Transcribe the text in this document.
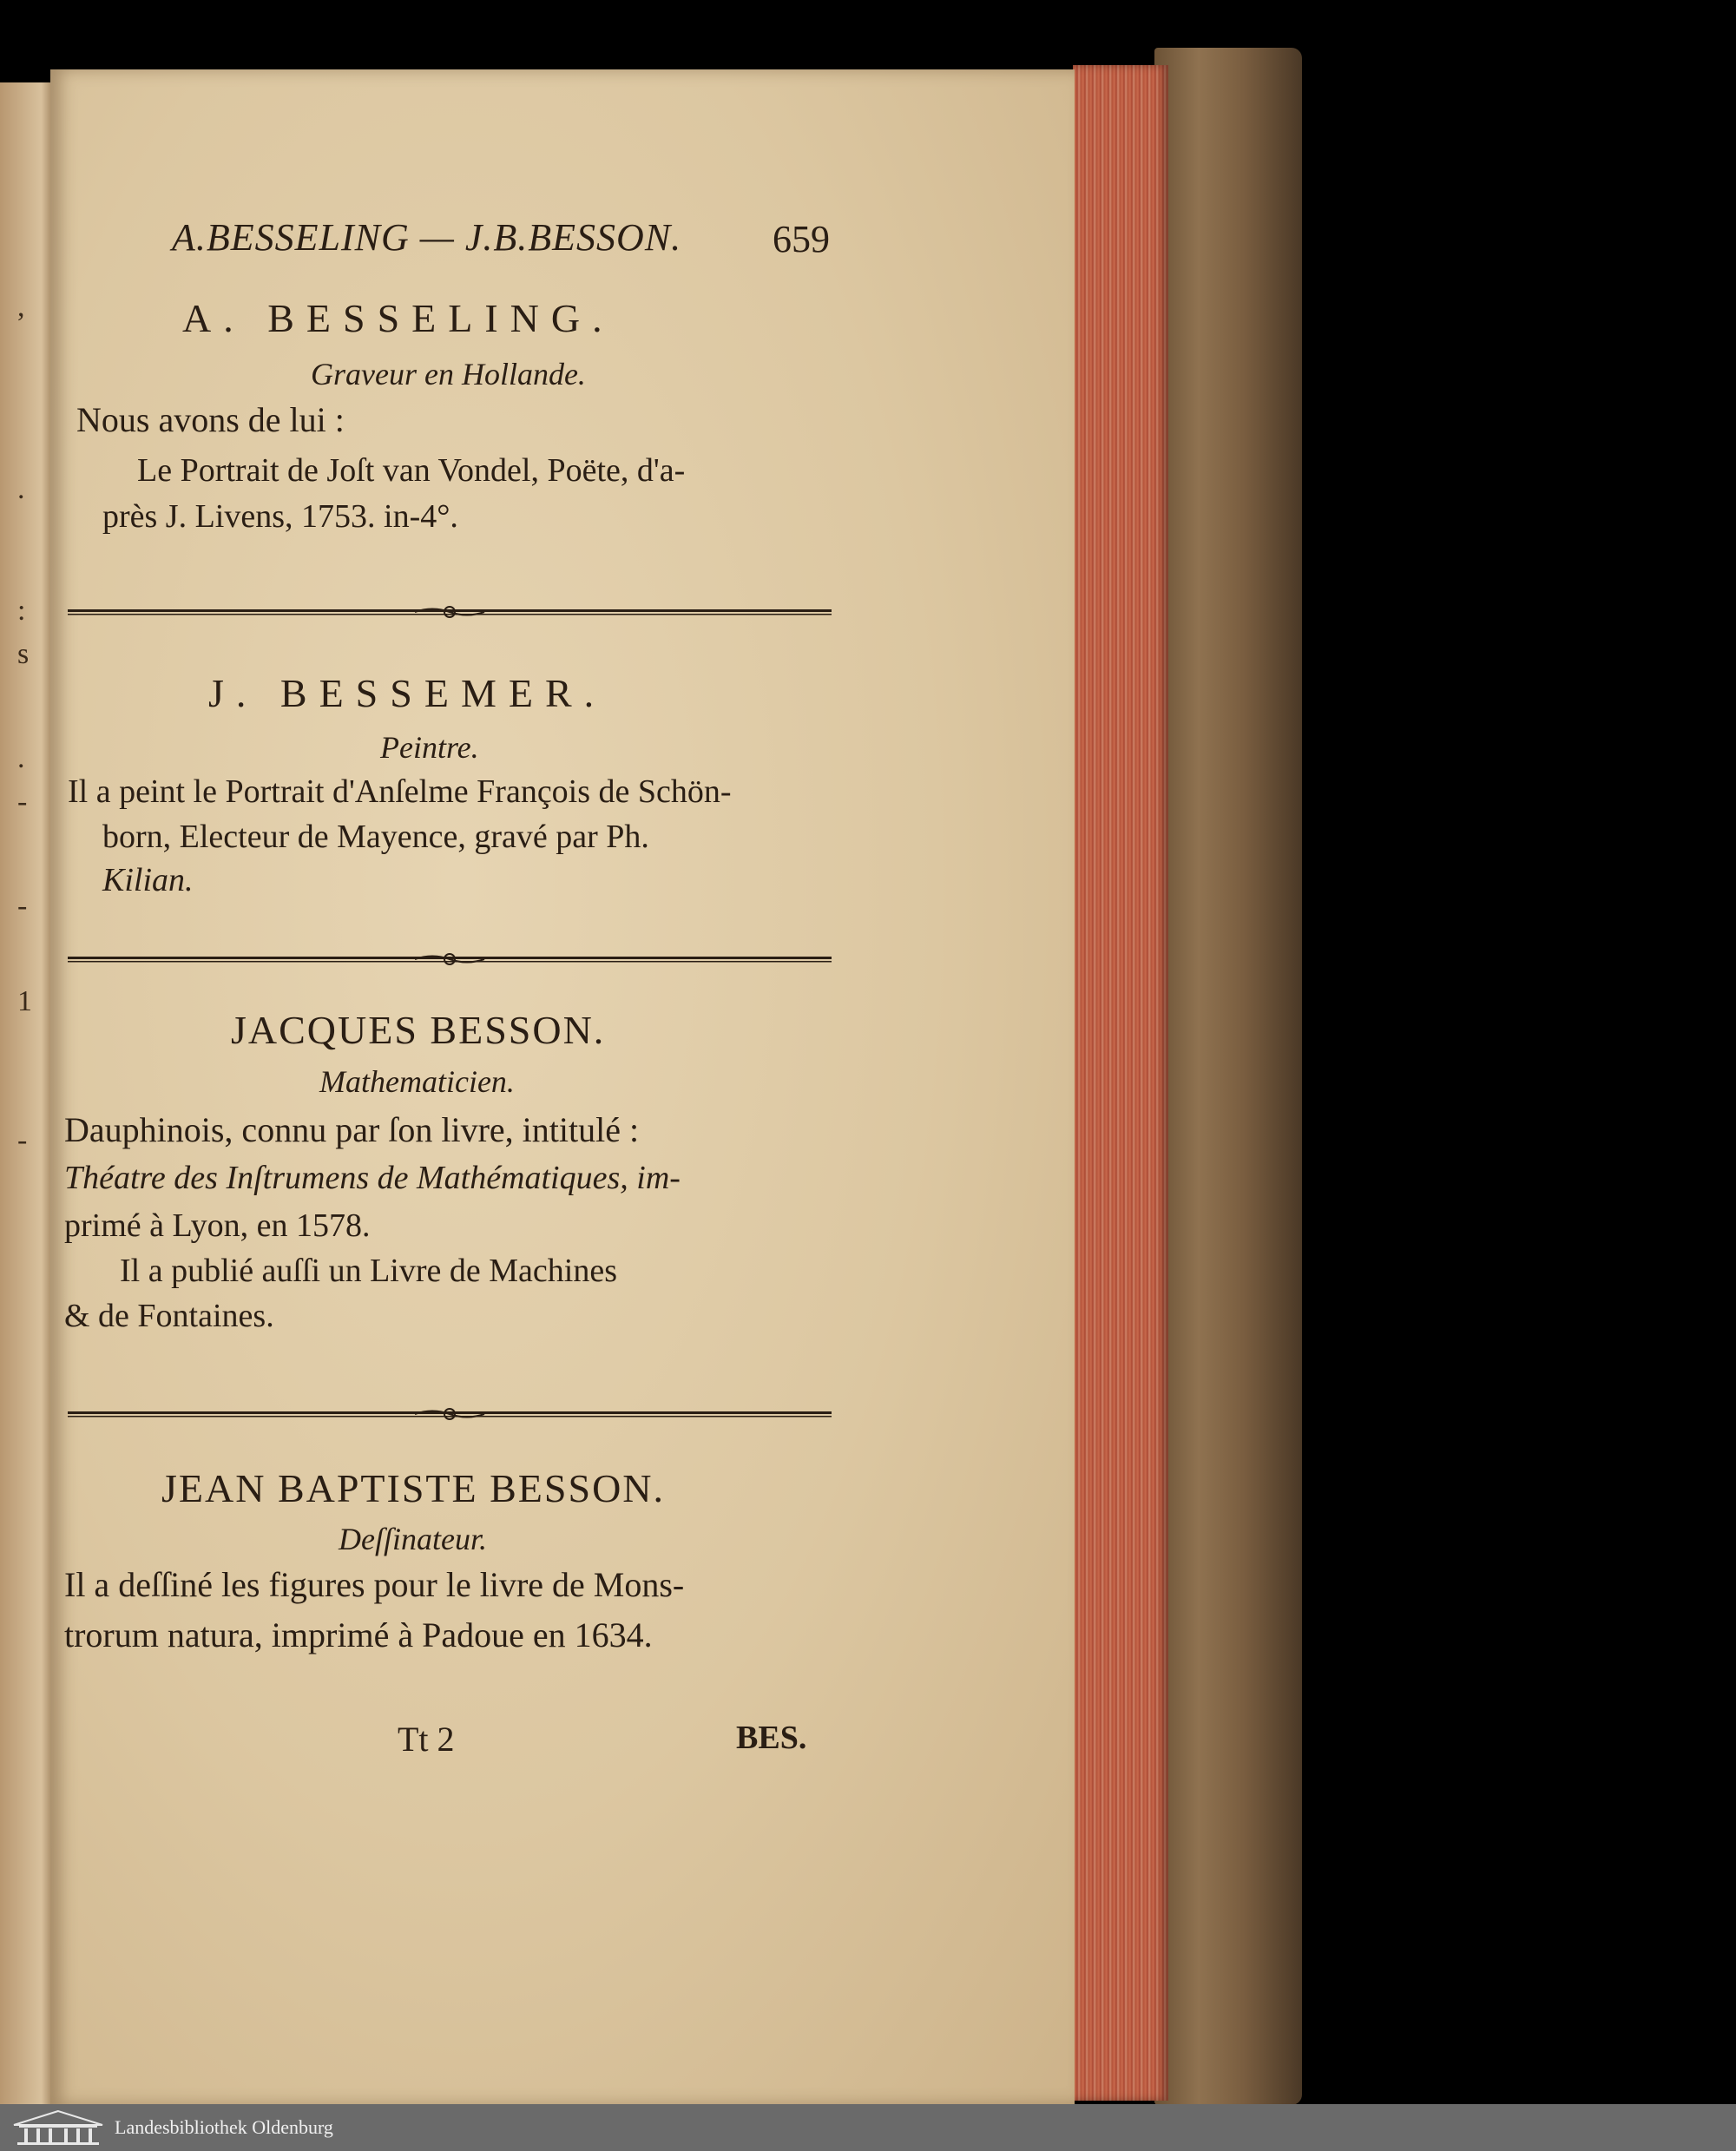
,
.
:
s
.
-
-
1
-
A.BESSELING — J.B.BESSON. 659
A. BESSELING.
Graveur en Hollande.
Nous avons de lui :
Le Portrait de Joſt van Vondel, Poëte, d'a-
près J. Livens, 1753. in-4°.
J. BESSEMER.
Peintre.
Il a peint le Portrait d'Anſelme François de Schön-
born, Electeur de Mayence, gravé par Ph.
Kilian.
JACQUES BESSON.
Mathematicien.
Dauphinois, connu par ſon livre, intitulé :
Théatre des Inſtrumens de Mathématiques, im-
primé à Lyon, en 1578.
Il a publié auſſi un Livre de Machines
& de Fontaines.
JEAN BAPTISTE BESSON.
Deſſinateur.
Il a deſſiné les figures pour le livre de Mons-
trorum natura, imprimé à Padoue en 1634.
Tt 2	BES.
Landesbibliothek Oldenburg
